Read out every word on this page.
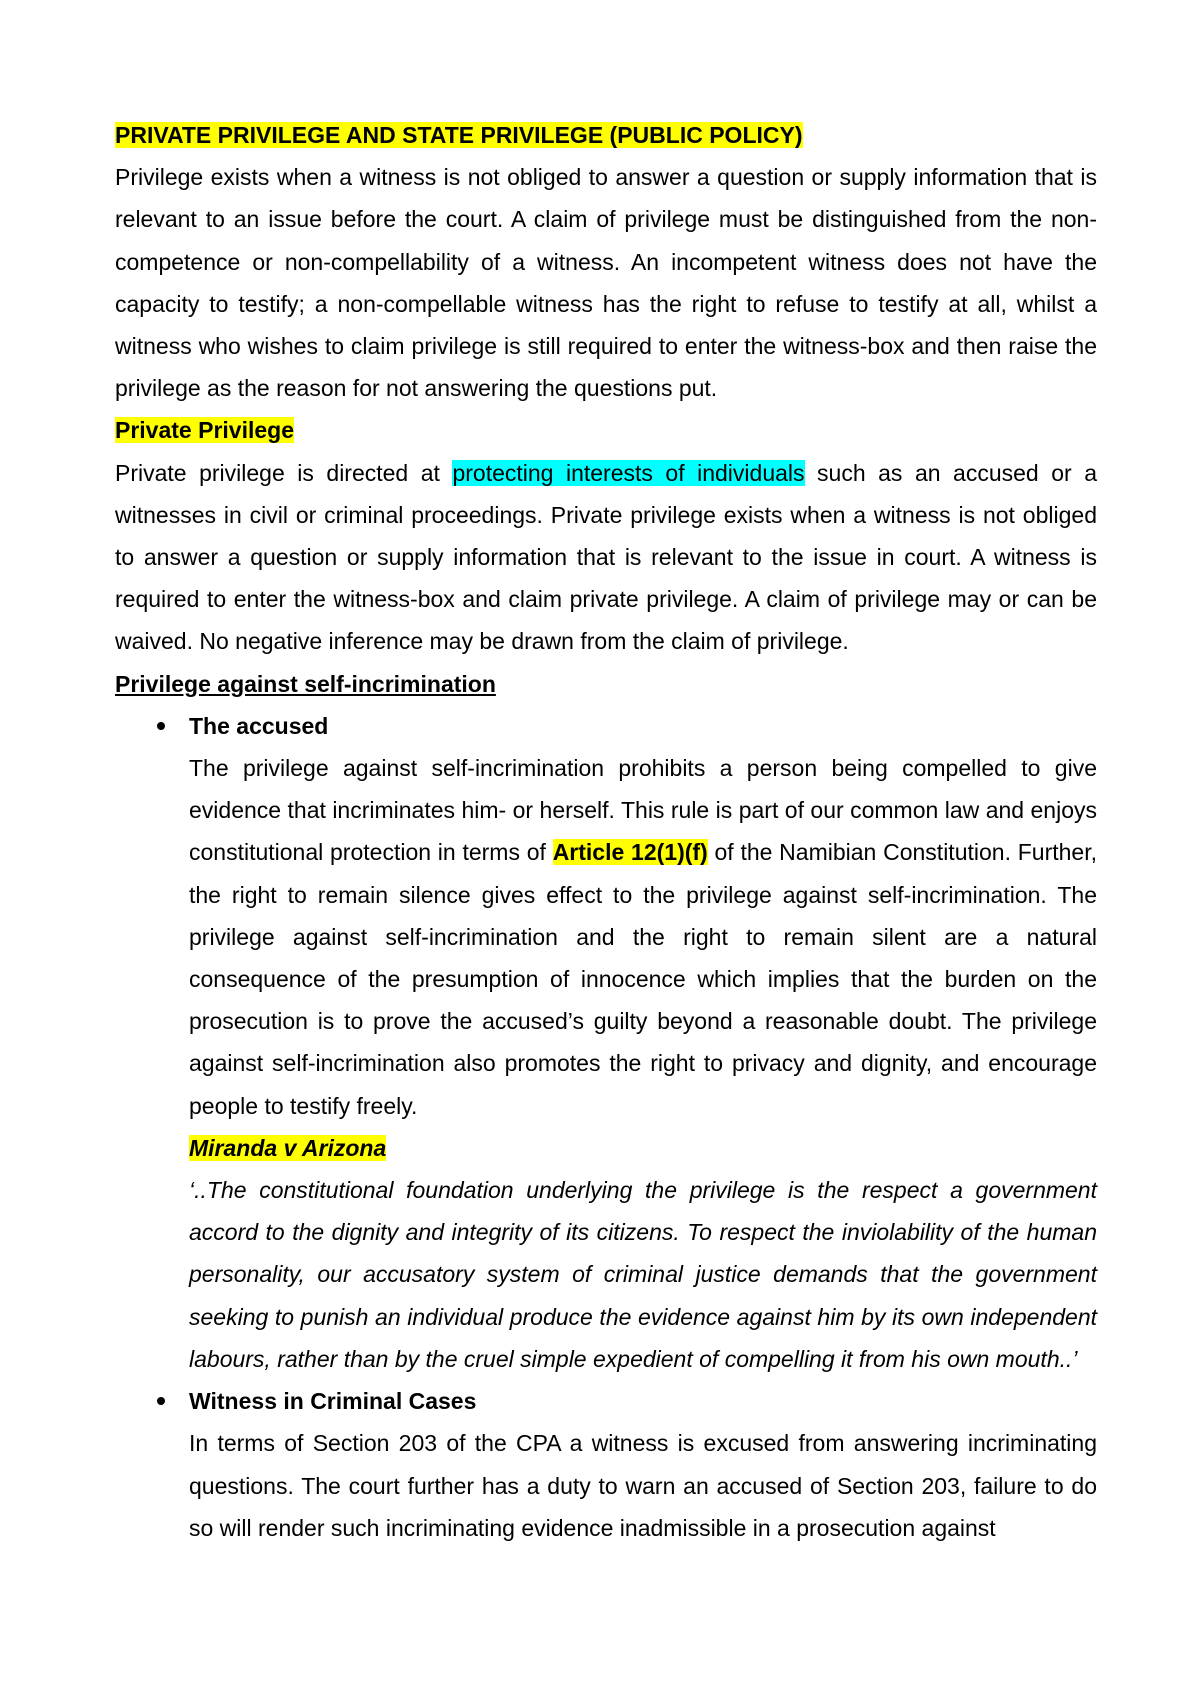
PRIVATE PRIVILEGE AND STATE PRIVILEGE (PUBLIC POLICY)

Privilege exists when a witness is not obliged to answer a question or supply information that is relevant to an issue before the court. A claim of privilege must be distinguished from the non-competence or non-compellability of a witness. An incompetent witness does not have the capacity to testify; a non-compellable witness has the right to refuse to testify at all, whilst a witness who wishes to claim privilege is still required to enter the witness-box and then raise the privilege as the reason for not answering the questions put.

Private Privilege

Private privilege is directed at protecting interests of individuals such as an accused or a witnesses in civil or criminal proceedings. Private privilege exists when a witness is not obliged to answer a question or supply information that is relevant to the issue in court. A witness is required to enter the witness-box and claim private privilege. A claim of privilege may or can be waived. No negative inference may be drawn from the claim of privilege.

Privilege against self-incrimination

The accused

The privilege against self-incrimination prohibits a person being compelled to give evidence that incriminates him- or herself. This rule is part of our common law and enjoys constitutional protection in terms of Article 12(1)(f) of the Namibian Constitution. Further, the right to remain silence gives effect to the privilege against self-incrimination. The privilege against self-incrimination and the right to remain silent are a natural consequence of the presumption of innocence which implies that the burden on the prosecution is to prove the accused’s guilty beyond a reasonable doubt. The privilege against self-incrimination also promotes the right to privacy and dignity, and encourage people to testify freely.

Miranda v Arizona

‘..The constitutional foundation underlying the privilege is the respect a government accord to the dignity and integrity of its citizens. To respect the inviolability of the human personality, our accusatory system of criminal justice demands that the government seeking to punish an individual produce the evidence against him by its own independent labours, rather than by the cruel simple expedient of compelling it from his own mouth..’

Witness in Criminal Cases

In terms of Section 203 of the CPA a witness is excused from answering incriminating questions. The court further has a duty to warn an accused of Section 203, failure to do so will render such incriminating evidence inadmissible in a prosecution against
